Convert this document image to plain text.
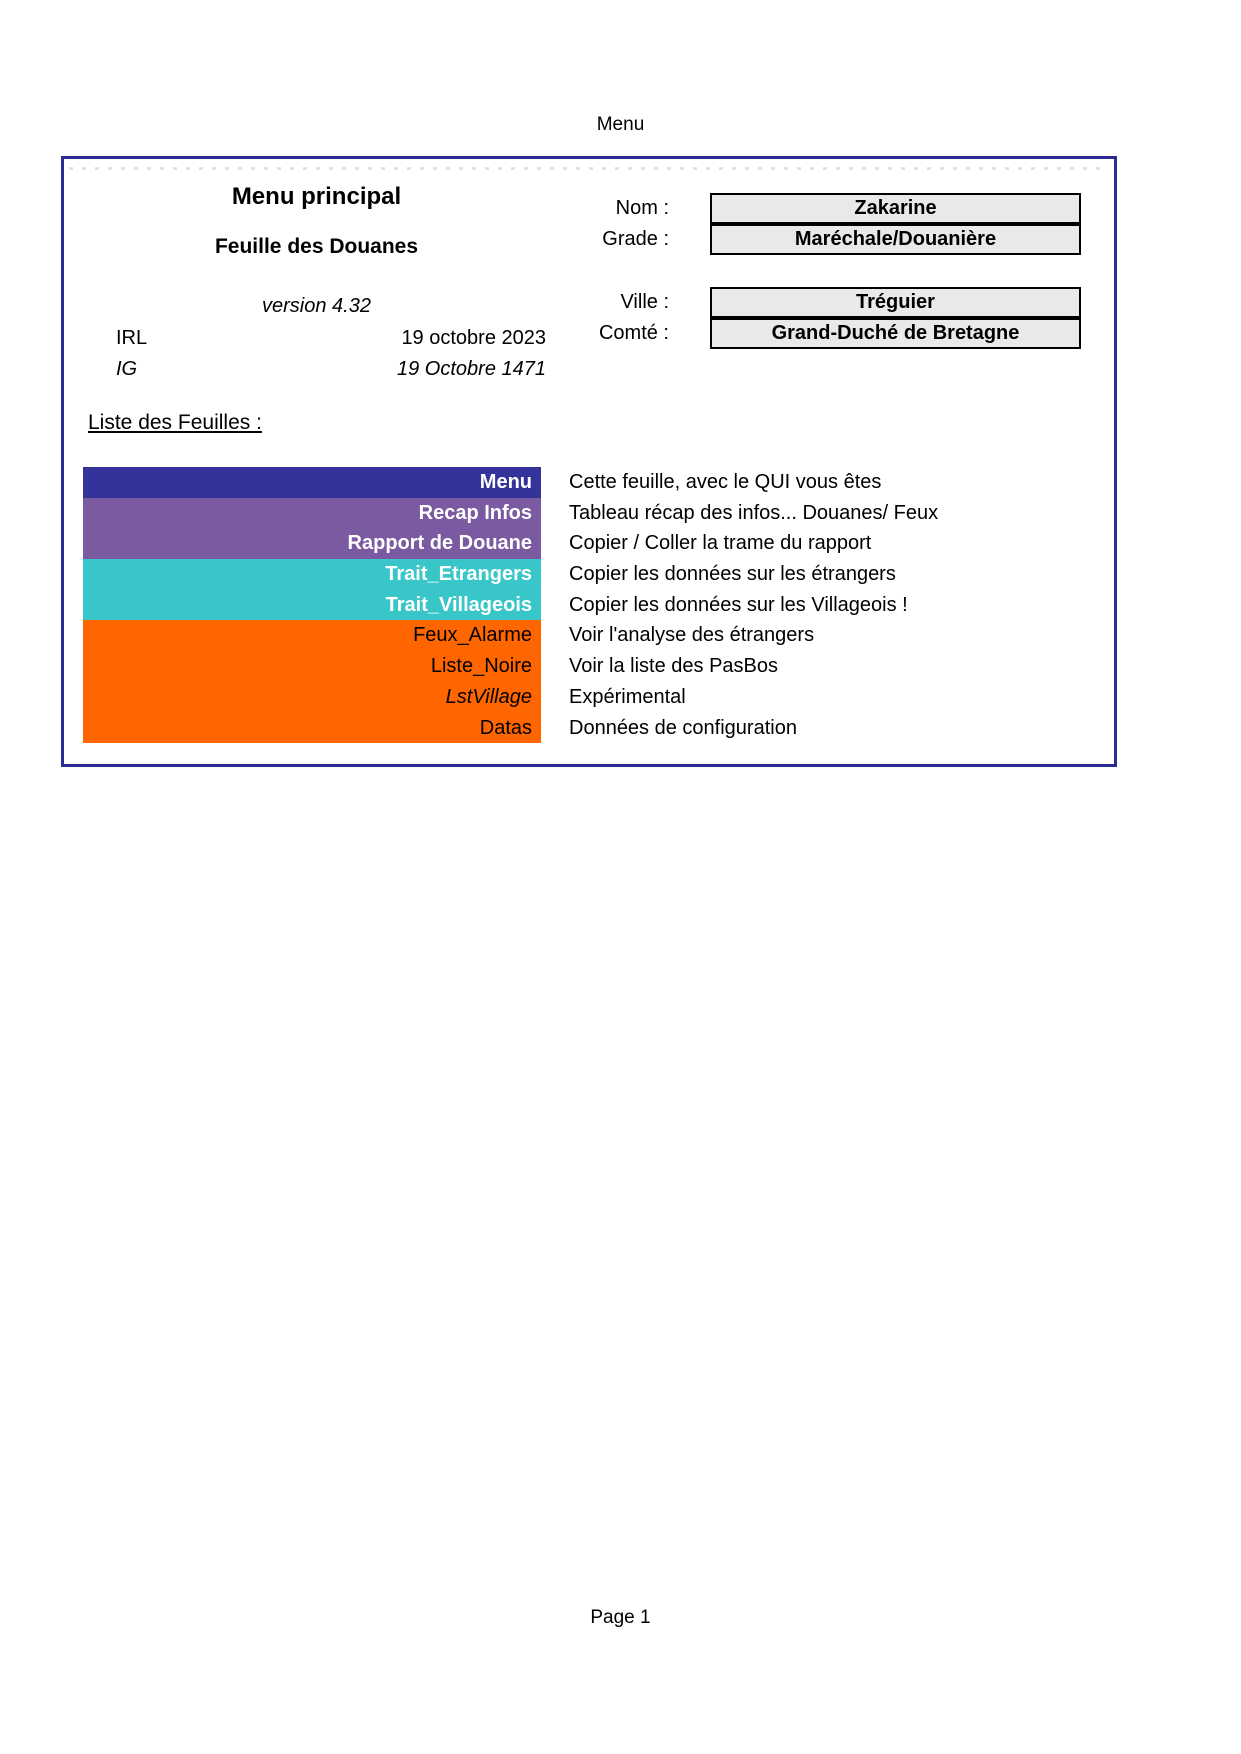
Menu
Menu principal
Feuille des Douanes
version 4.32
IRL	19 octobre 2023
IG	19 Octobre 1471
Nom :	Zakarine
Grade :	Maréchale/Douanière
Ville :	Tréguier
Comté :	Grand-Duché de Bretagne
Liste des Feuilles :
Menu	Cette feuille, avec le QUI vous êtes
Recap Infos	Tableau récap des infos... Douanes/ Feux
Rapport de Douane	Copier / Coller la trame du rapport
Trait_Etrangers	Copier les données sur les étrangers
Trait_Villageois	Copier les données sur les Villageois !
Feux_Alarme	Voir l'analyse des étrangers
Liste_Noire	Voir la liste des PasBos
LstVillage	Expérimental
Datas	Données de configuration
Page 1
